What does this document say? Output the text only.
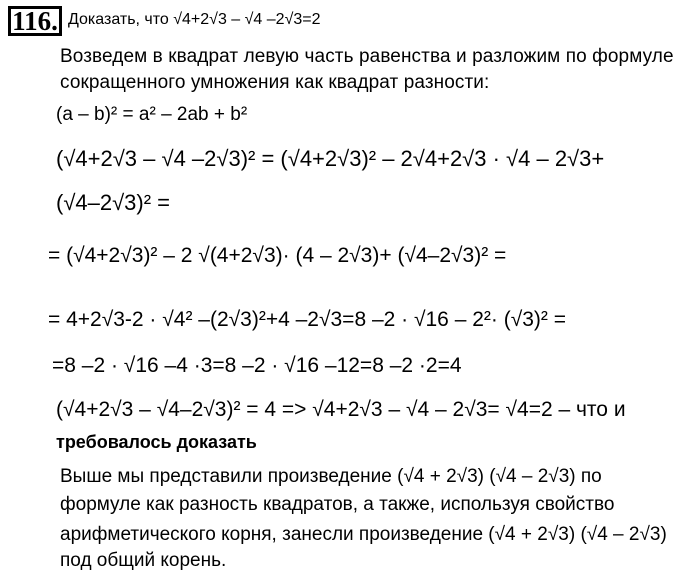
116. Доказать, что √4+2√3 – √4 –2√3=2
Возведем в квадрат левую часть равенства и разложим по формуле
сокращенного умножения как квадрат разности:
(a – b)² = a² – 2ab + b²
(√4+2√3 – √4 –2√3)² = (√4+2√3)² – 2√4+2√3 · √4 – 2√3+
(√4–2√3)² =
= (√4+2√3)² – 2 √(4+2√3)· (4 – 2√3)+ (√4–2√3)² =
= 4+2√3-2 · √4² –(2√3)²+4 –2√3=8 –2 · √16 – 2²· (√3)² =
=8 –2 · √16 –4 ·3=8 –2 · √16 –12=8 –2 ·2=4
(√4+2√3 – √4–2√3)² = 4 => √4+2√3 – √4 – 2√3= √4=2 – что и
требовалось доказать
Выше мы представили произведение (√4 + 2√3) (√4 – 2√3) по
формуле как разность квадратов, а также, используя свойство
арифметического корня, занесли произведение (√4 + 2√3) (√4 – 2√3)
под общий корень.
